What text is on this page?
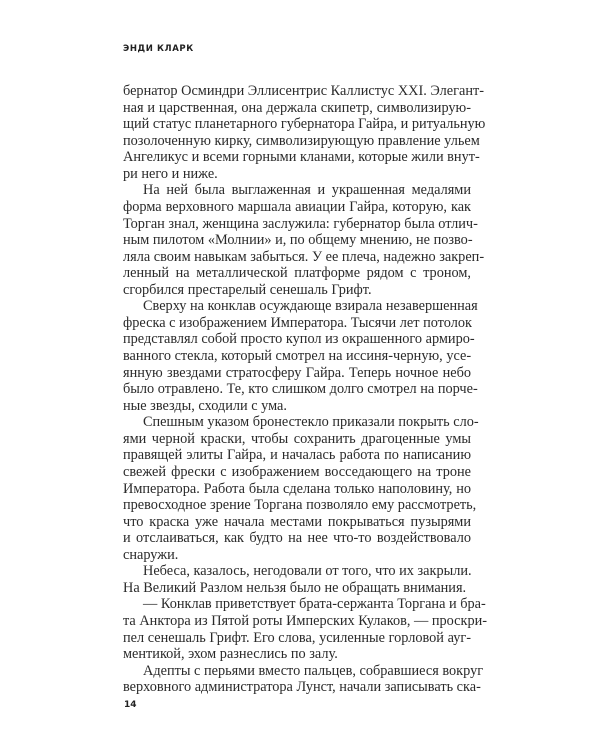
ЭНДИ КЛАРК
бернатор Осминдри Эллисентрис Каллистус XXI. Элегант-
ная и царственная, она держала скипетр, символизирую-
щий статус планетарного губернатора Гайра, и ритуальную
позолоченную кирку, символизирующую правление ульем
Ангеликус и всеми горными кланами, которые жили внут-
ри него и ниже.
На ней была выглаженная и украшенная медалями
форма верховного маршала авиации Гайра, которую, как
Торган знал, женщина заслужила: губернатор была отлич-
ным пилотом «Молнии» и, по общему мнению, не позво-
ляла своим навыкам забыться. У ее плеча, надежно закреп-
ленный на металлической платформе рядом с троном,
сгорбился престарелый сенешаль Грифт.
Сверху на конклав осуждающе взирала незавершенная
фреска с изображением Императора. Тысячи лет потолок
представлял собой просто купол из окрашенного армиро-
ванного стекла, который смотрел на иссиня-черную, усе-
янную звездами стратосферу Гайра. Теперь ночное небо
было отравлено. Те, кто слишком долго смотрел на порче-
ные звезды, сходили с ума.
Спешным указом бронестекло приказали покрыть сло-
ями черной краски, чтобы сохранить драгоценные умы
правящей элиты Гайра, и началась работа по написанию
свежей фрески с изображением восседающего на троне
Императора. Работа была сделана только наполовину, но
превосходное зрение Торгана позволяло ему рассмотреть,
что краска уже начала местами покрываться пузырями
и отслаиваться, как будто на нее что-то воздействовало
снаружи.
Небеса, казалось, негодовали от того, что их закрыли.
На Великий Разлом нельзя было не обращать внимания.
— Конклав приветствует брата-сержанта Торгана и бра-
та Анктора из Пятой роты Имперских Кулаков, — проскри-
пел сенешаль Грифт. Его слова, усиленные горловой ауг-
ментикой, эхом разнеслись по залу.
Адепты с перьями вместо пальцев, собравшиеся вокруг
верховного администратора Лунст, начали записывать ска-
14
